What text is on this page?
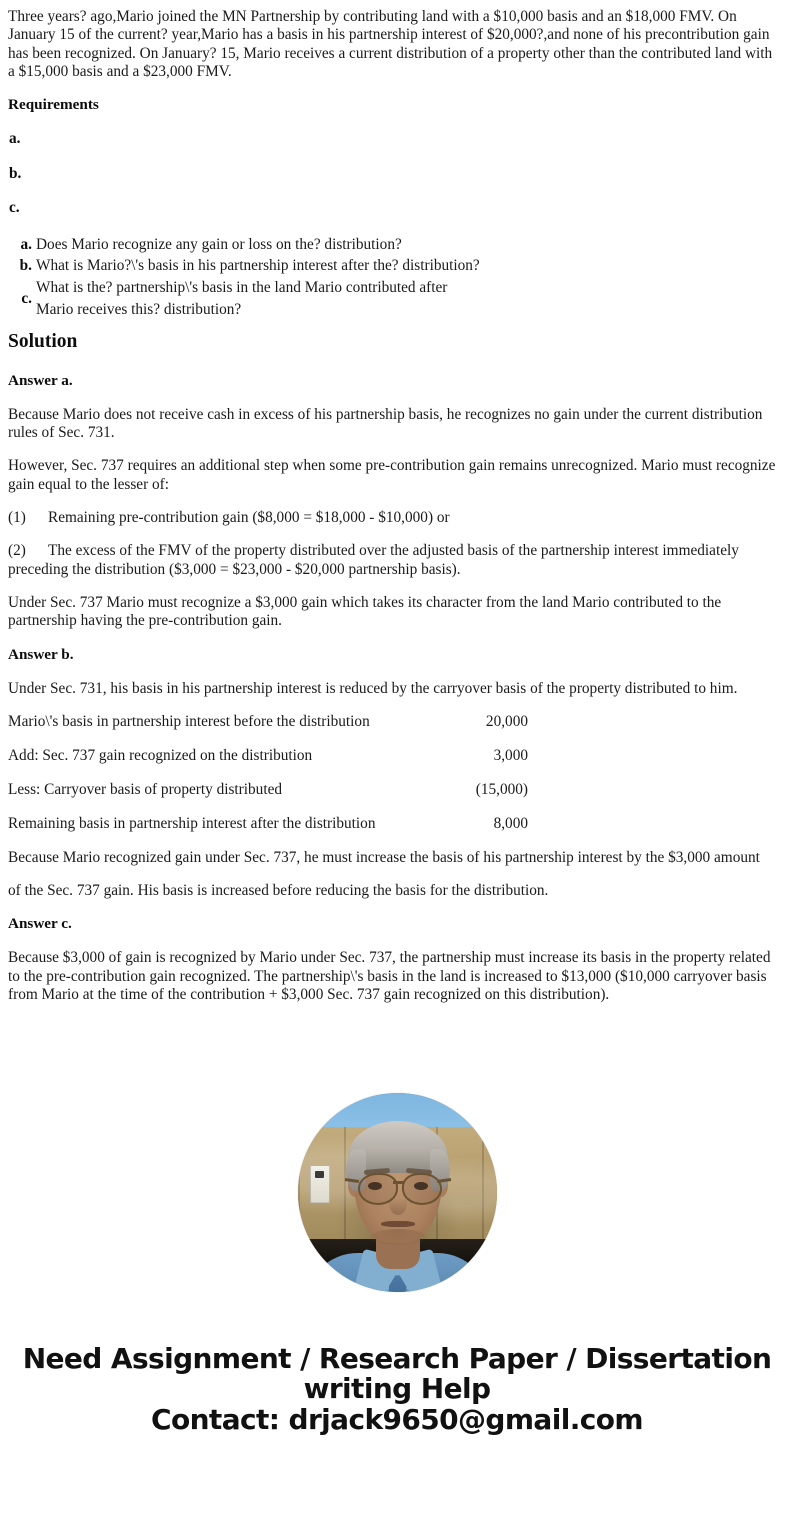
Three years? ago,Mario joined the MN Partnership by contributing land with a $10,000 basis and an $18,000 FMV. On January 15 of the current? year,Mario has a basis in his partnership interest of $20,000?,and none of his precontribution gain has been recognized. On January? 15, Mario receives a current distribution of a property other than the contributed land with a $15,000 basis and a $23,000 FMV.

Requirements
a.
b.
c.
a. Does Mario recognize any gain or loss on the? distribution?
b. What is Mario?\'s basis in his partnership interest after the? distribution?
c.
What is the? partnership\'s basis in the land Mario contributed after Mario receives this? distribution?
Solution
Answer a.

Because Mario does not receive cash in excess of his partnership basis, he recognizes no gain under the current distribution rules of Sec. 731.

However, Sec. 737 requires an additional step when some pre-contribution gain remains unrecognized. Mario must recognize gain equal to the lesser of:

(1) Remaining pre-contribution gain ($8,000 = $18,000 - $10,000) or
(2) The excess of the FMV of the property distributed over the adjusted basis of the partnership interest immediately preceding the distribution ($3,000 = $23,000 - $20,000 partnership basis).

Under Sec. 737 Mario must recognize a $3,000 gain which takes its character from the land Mario contributed to the partnership having the pre-contribution gain.

Answer b.

Under Sec. 731, his basis in his partnership interest is reduced by the carryover basis of the property distributed to him.

Mario\'s basis in partnership interest before the distribution	20,000
Add: Sec. 737 gain recognized on the distribution	3,000
Less: Carryover basis of property distributed	(15,000)
Remaining basis in partnership interest after the distribution	8,000

Because Mario recognized gain under Sec. 737, he must increase the basis of his partnership interest by the $3,000 amount

of the Sec. 737 gain. His basis is increased before reducing the basis for the distribution.

Answer c.

Because $3,000 of gain is recognized by Mario under Sec. 737, the partnership must increase its basis in the property related to the pre-contribution gain recognized. The partnership\'s basis in the land is increased to $13,000 ($10,000 carryover basis from Mario at the time of the contribution + $3,000 Sec. 737 gain recognized on this distribution).

Need Assignment / Research Paper / Dissertation
writing Help
Contact: drjack9650@gmail.com
